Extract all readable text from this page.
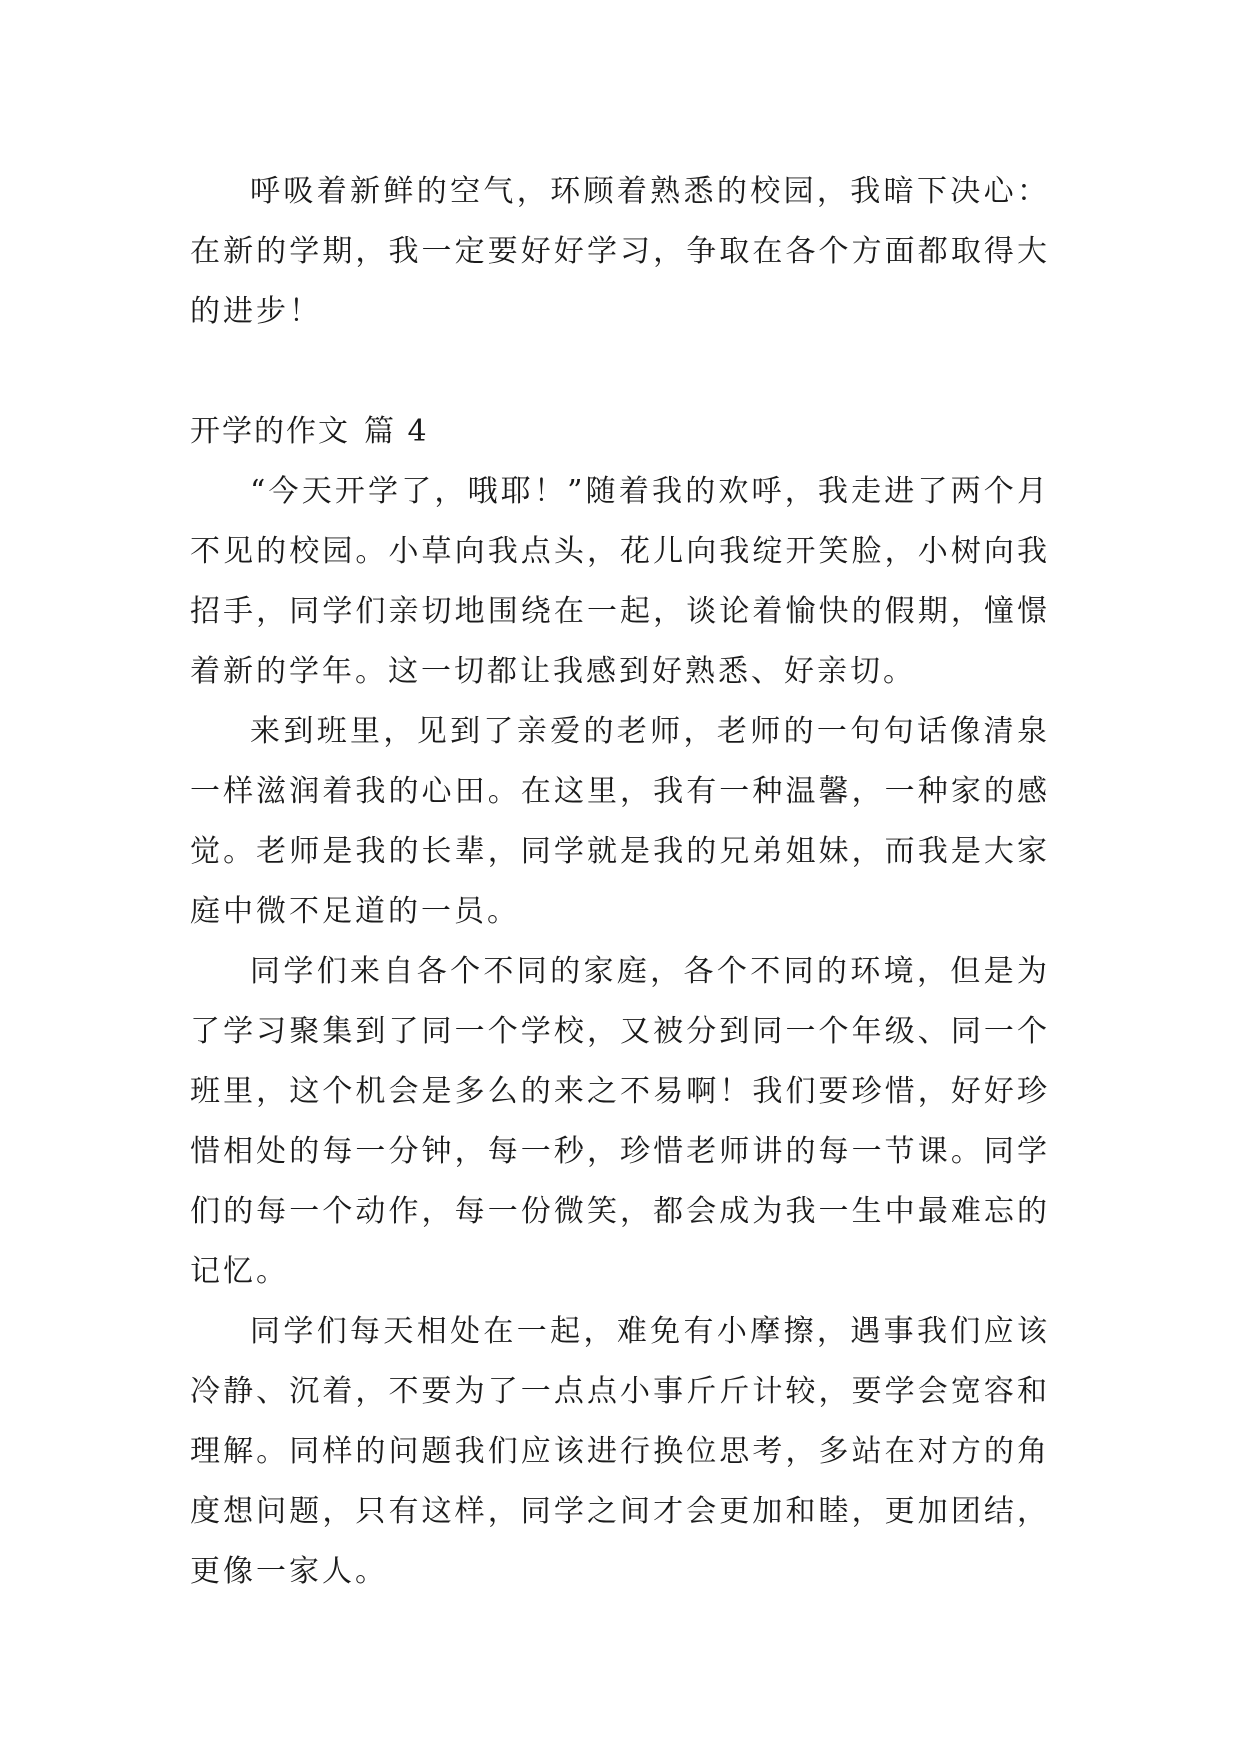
呼吸着新鲜的空气，环顾着熟悉的校园，我暗下决心：在新的学期，我一定要好好学习，争取在各个方面都取得大的进步！

开学的作文 篇 4

“今天开学了，哦耶！”随着我的欢呼，我走进了两个月不见的校园。小草向我点头，花儿向我绽开笑脸，小树向我招手，同学们亲切地围绕在一起，谈论着愉快的假期，憧憬着新的学年。这一切都让我感到好熟悉、好亲切。

来到班里，见到了亲爱的老师，老师的一句句话像清泉一样滋润着我的心田。在这里，我有一种温馨，一种家的感觉。老师是我的长辈，同学就是我的兄弟姐妹，而我是大家庭中微不足道的一员。

同学们来自各个不同的家庭，各个不同的环境，但是为了学习聚集到了同一个学校，又被分到同一个年级、同一个班里，这个机会是多么的来之不易啊！我们要珍惜，好好珍惜相处的每一分钟，每一秒，珍惜老师讲的每一节课。同学们的每一个动作，每一份微笑，都会成为我一生中最难忘的记忆。

同学们每天相处在一起，难免有小摩擦，遇事我们应该冷静、沉着，不要为了一点点小事斤斤计较，要学会宽容和理解。同样的问题我们应该进行换位思考，多站在对方的角度想问题，只有这样，同学之间才会更加和睦，更加团结，更像一家人。
